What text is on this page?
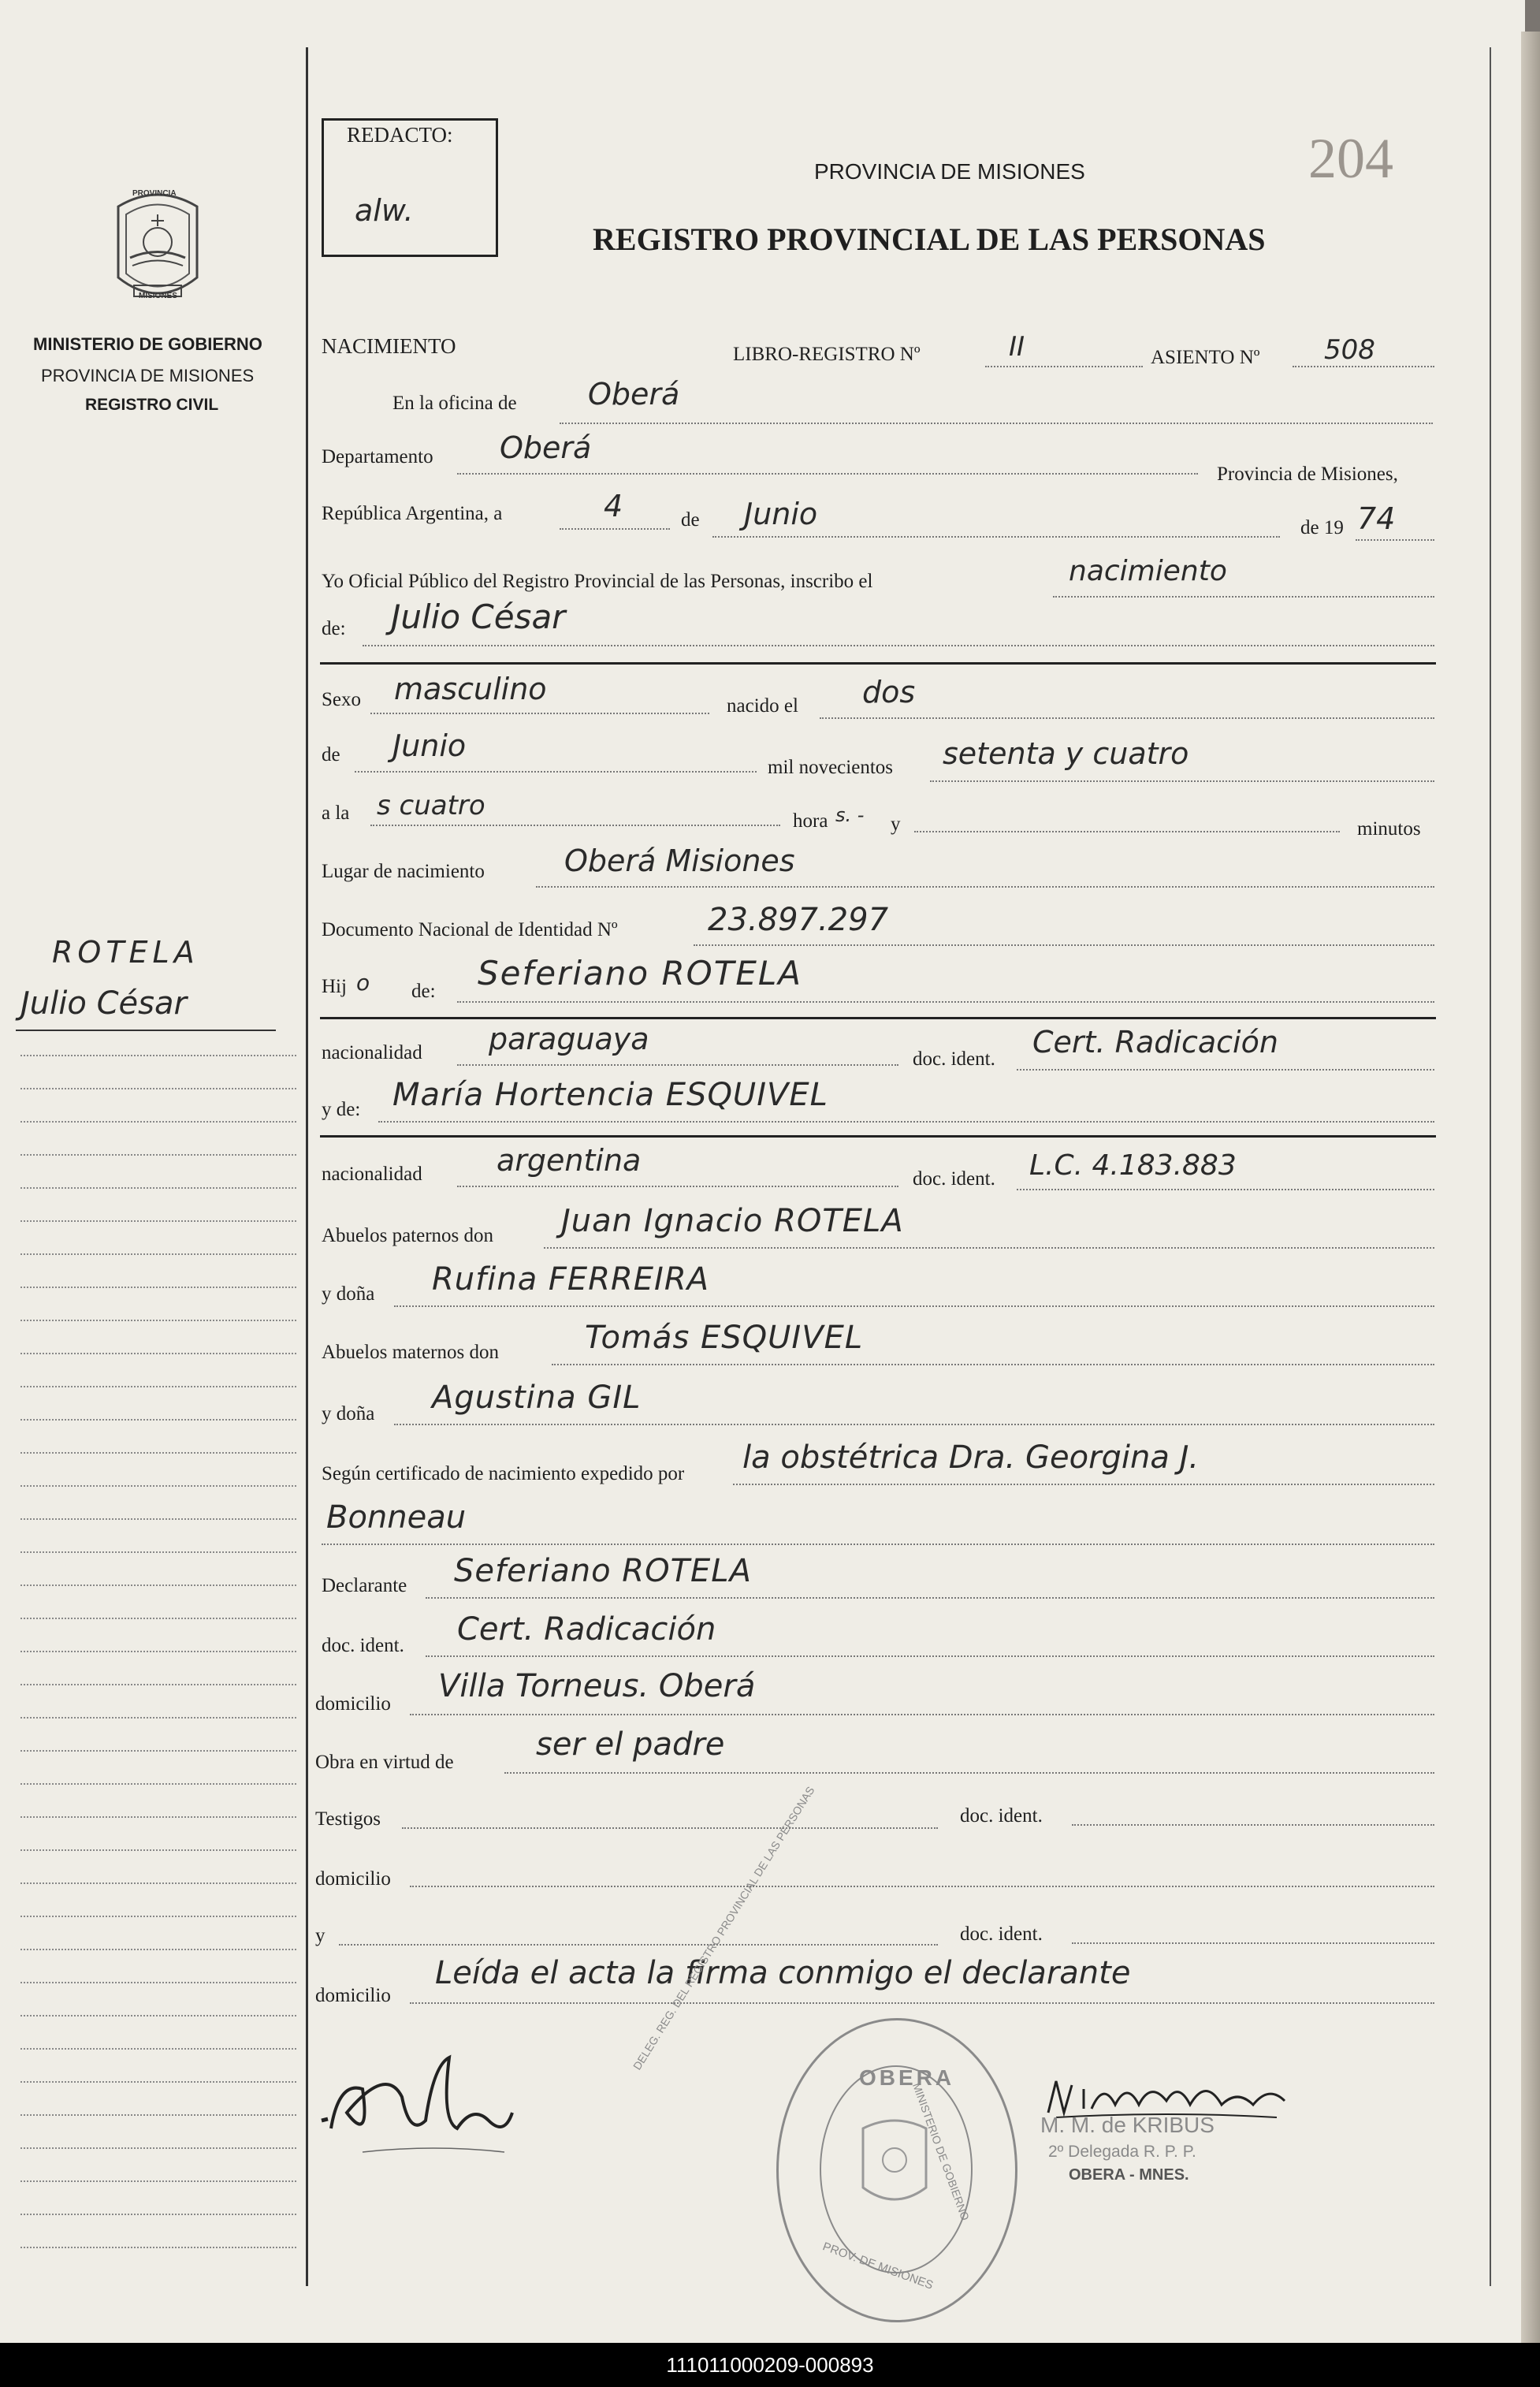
REDACTO:
alw.
PROVINCIA DE MISIONES
REGISTRO PROVINCIAL DE LAS PERSONAS
204
PROVINCIA
MISIONES
MINISTERIO DE GOBIERNO
PROVINCIA DE MISIONES
REGISTRO CIVIL
ROTELA
Julio César
NACIMIENTO	LIBRO-REGISTRO Nº	II	ASIENTO Nº 508
En la oficina de Oberá
Departamento Oberá
Provincia de Misiones,
República Argentina, a	4	de Junio	de 19 74
Yo Oficial Público del Registro Provincial de las Personas, inscribo el	nacimiento
de: Julio César
Sexo masculino	nacido el dos
de Junio
mil novecientos setenta y cuatro
a la s cuatro	hora s. - y	minutos
Lugar de nacimiento	Oberá Misiones
Documento Nacional de Identidad Nº	23.897.297
Hij o de: Seferiano ROTELA
nacionalidad paraguaya
doc. ident. Cert. Radicación
y de: María Hortencia ESQUIVEL
nacionalidad argentina
doc. ident. L.C. 4.183.883
Abuelos paternos don Juan Ignacio ROTELA
y doña Rufina FERREIRA
Abuelos maternos don	Tomás ESQUIVEL
y doña Agustina GIL
Según certificado de nacimiento expedido por la obstétrica Dra. Georgina J.
Bonneau
Declarante Seferiano ROTELA
doc. ident. Cert. Radicación
domicilio Villa Torneus. Oberá
Obra en virtud de	ser el padre
Testigos	doc. ident.
domicilio
y	doc. ident.
domicilio
Leída el acta la firma conmigo el declarante
OBERA
DELEG. REG. DEL REGISTRO PROVINCIAL DE LAS PERSONAS
MINISTERIO DE GOBIERNO
PROV. DE MISIONES
M. M. de KRIBUS
2º Delegada R. P. P.
OBERA - MNES.
111011000209-000893
